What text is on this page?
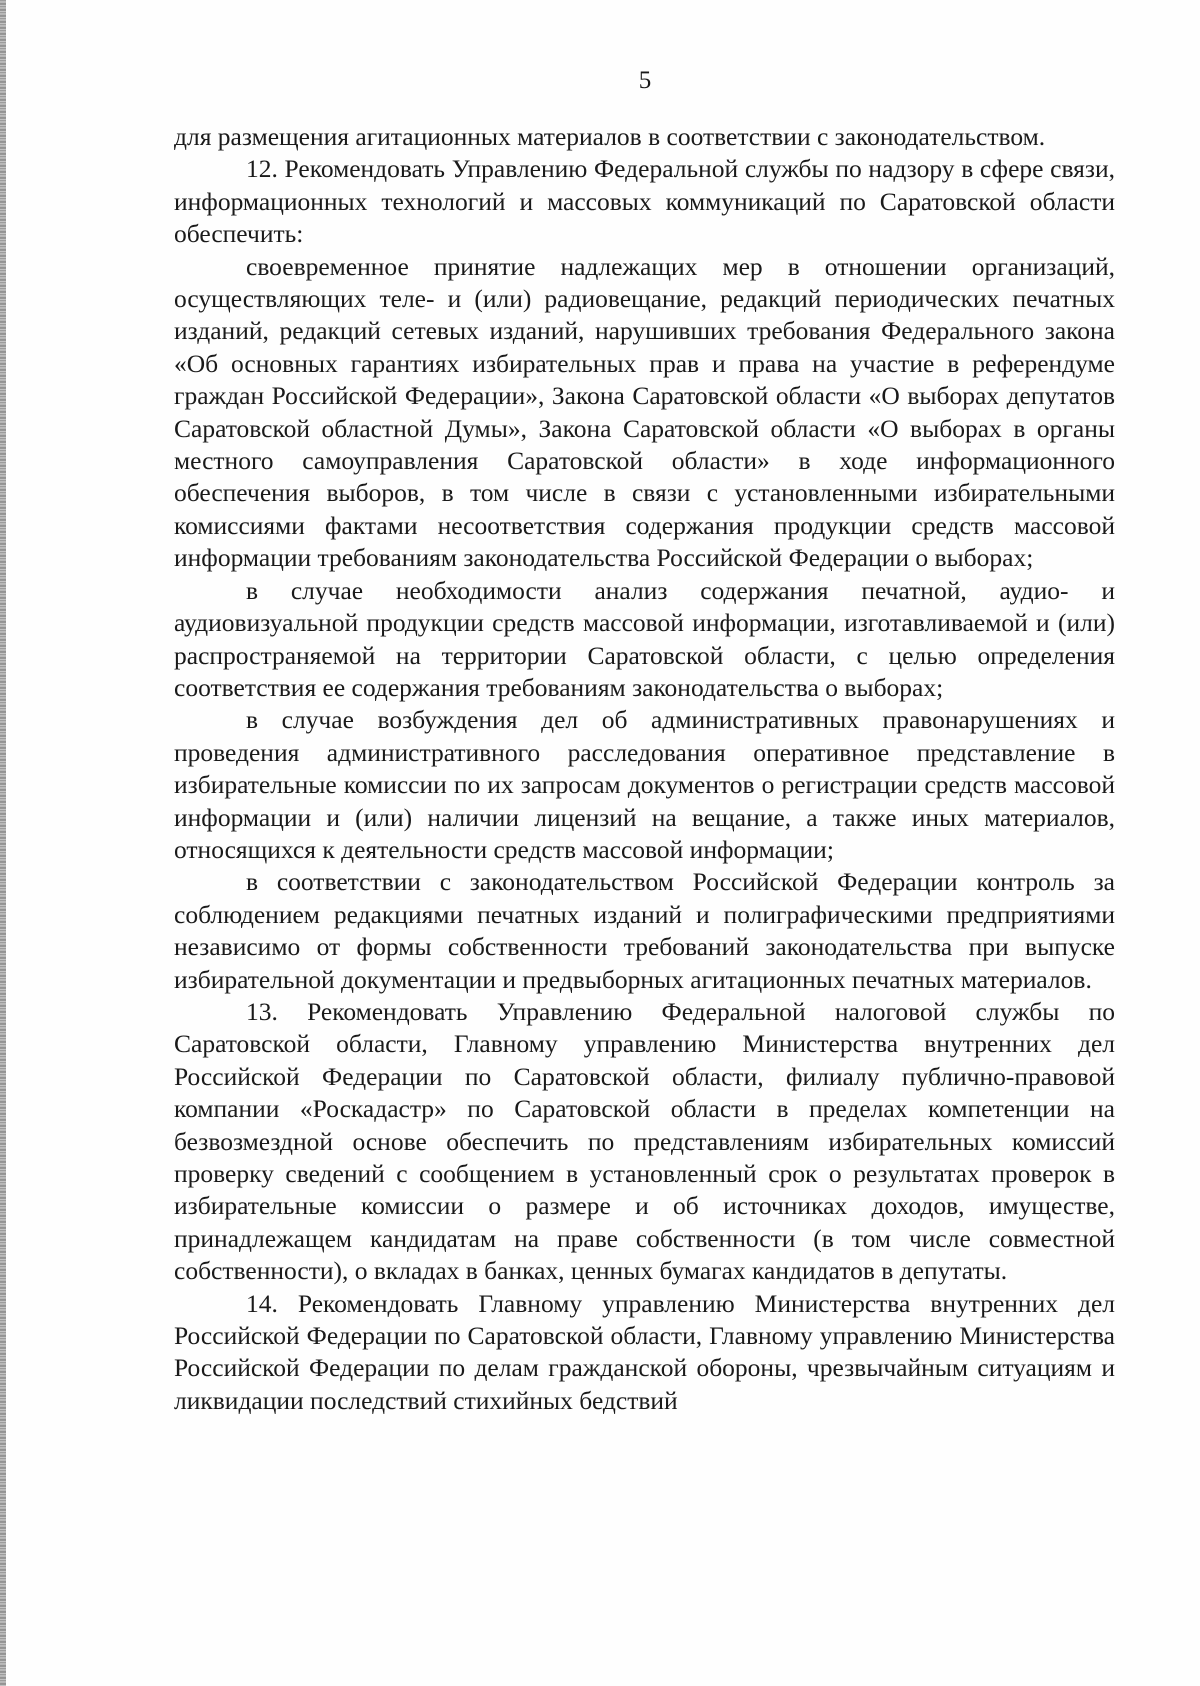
5

для размещения агитационных материалов в соответствии с законодательством.

12. Рекомендовать Управлению Федеральной службы по надзору в сфере связи, информационных технологий и массовых коммуникаций по Саратовской области обеспечить:

своевременное принятие надлежащих мер в отношении организаций, осуществляющих теле- и (или) радиовещание, редакций периодических печатных изданий, редакций сетевых изданий, нарушивших требования Федерального закона «Об основных гарантиях избирательных прав и права на участие в референдуме граждан Российской Федерации», Закона Саратовской области «О выборах депутатов Саратовской областной Думы», Закона Саратовской области «О выборах в органы местного самоуправления Саратовской области» в ходе информационного обеспечения выборов, в том числе в связи с установленными избирательными комиссиями фактами несоответствия содержания продукции средств массовой информации требованиям законодательства Российской Федерации о выборах;

в случае необходимости анализ содержания печатной, аудио- и аудиовизуальной продукции средств массовой информации, изготавливаемой и (или) распространяемой на территории Саратовской области, с целью определения соответствия ее содержания требованиям законодательства о выборах;

в случае возбуждения дел об административных правонарушениях и проведения административного расследования оперативное представление в избирательные комиссии по их запросам документов о регистрации средств массовой информации и (или) наличии лицензий на вещание, а также иных материалов, относящихся к деятельности средств массовой информации;

в соответствии с законодательством Российской Федерации контроль за соблюдением редакциями печатных изданий и полиграфическими предприятиями независимо от формы собственности требований законодательства при выпуске избирательной документации и предвыборных агитационных печатных материалов.

13. Рекомендовать Управлению Федеральной налоговой службы по Саратовской области, Главному управлению Министерства внутренних дел Российской Федерации по Саратовской области, филиалу публично-правовой компании «Роскадастр» по Саратовской области в пределах компетенции на безвозмездной основе обеспечить по представлениям избирательных комиссий проверку сведений с сообщением в установленный срок о результатах проверок в избирательные комиссии о размере и об источниках доходов, имуществе, принадлежащем кандидатам на праве собственности (в том числе совместной собственности), о вкладах в банках, ценных бумагах кандидатов в депутаты.

14. Рекомендовать Главному управлению Министерства внутренних дел Российской Федерации по Саратовской области, Главному управлению Министерства Российской Федерации по делам гражданской обороны, чрезвычайным ситуациям и ликвидации последствий стихийных бедствий
